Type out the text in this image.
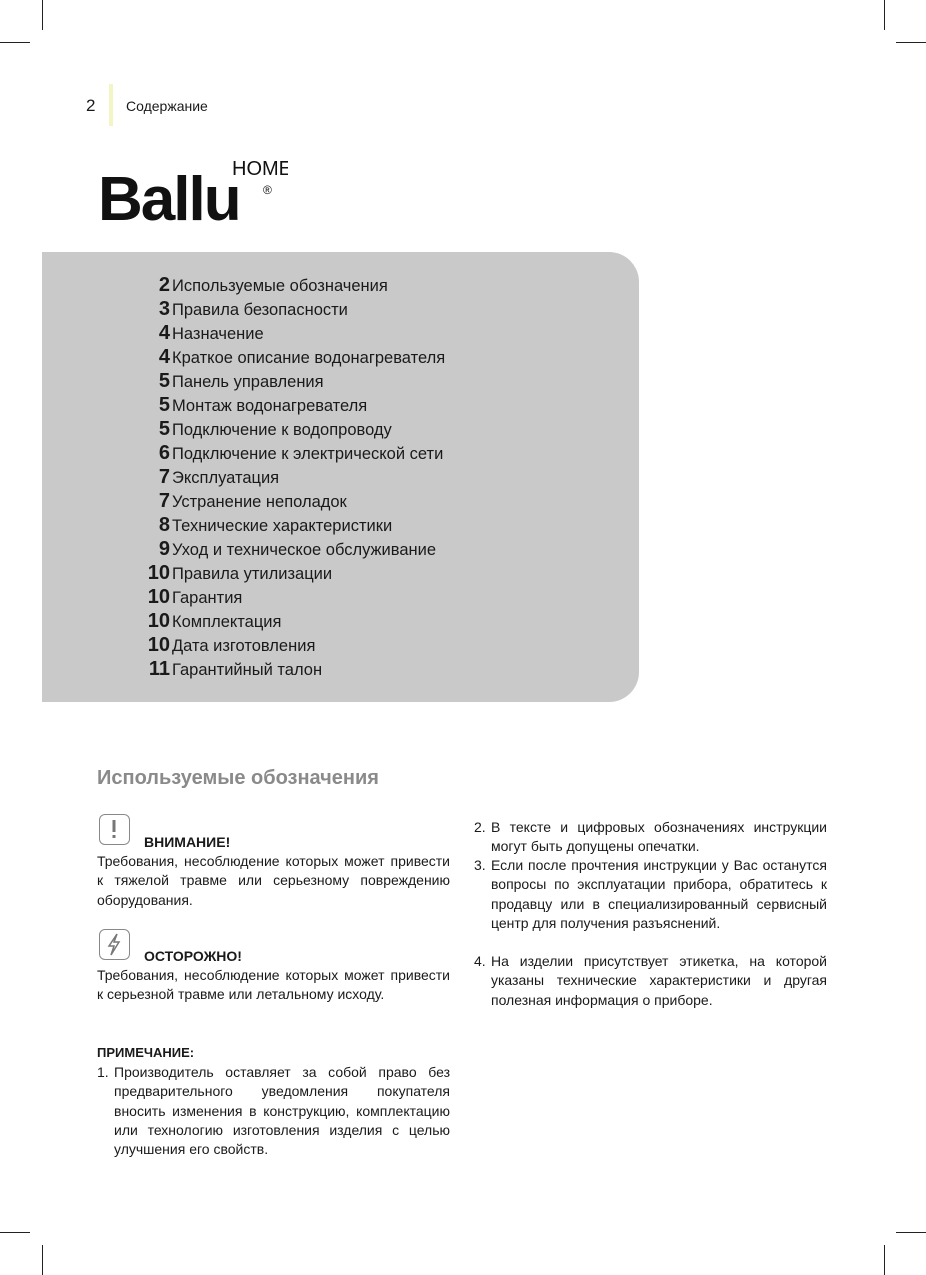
2 Содержание
Ballu
HOME
®
2 Используемые обозначения
3 Правила безопасности
4 Назначение
4 Краткое описание водонагревателя
5 Панель управления
5 Монтаж водонагревателя
5 Подключение к водопроводу
6 Подключение к электрической сети
7 Эксплуатация
7 Устранение неполадок
8 Технические характеристики
9 Уход и техническое обслуживание
10 Правила утилизации
10 Гарантия
10 Комплектация
10 Дата изготовления
11 Гарантийный талон
Используемые обозначения
ВНИМАНИЕ!
Требования, несоблюдение которых может привести к тяжелой травме или серьезному повреждению оборудования.
ОСТОРОЖНО!
Требования, несоблюдение которых может привести к серьезной травме или летальному исходу.
ПРИМЕЧАНИЕ:
1. Производитель оставляет за собой право без предварительного уведомления покупателя вносить изменения в конструкцию, комплектацию или технологию изготовления изделия с целью улучшения его свойств.
2. В тексте и цифровых обозначениях инструкции могут быть допущены опечатки.
3. Если после прочтения инструкции у Вас останутся вопросы по эксплуатации прибора, обратитесь к продавцу или в специализированный сервисный центр для получения разъяснений.
4. На изделии присутствует этикетка, на которой указаны технические характеристики и другая полезная информация о приборе.
